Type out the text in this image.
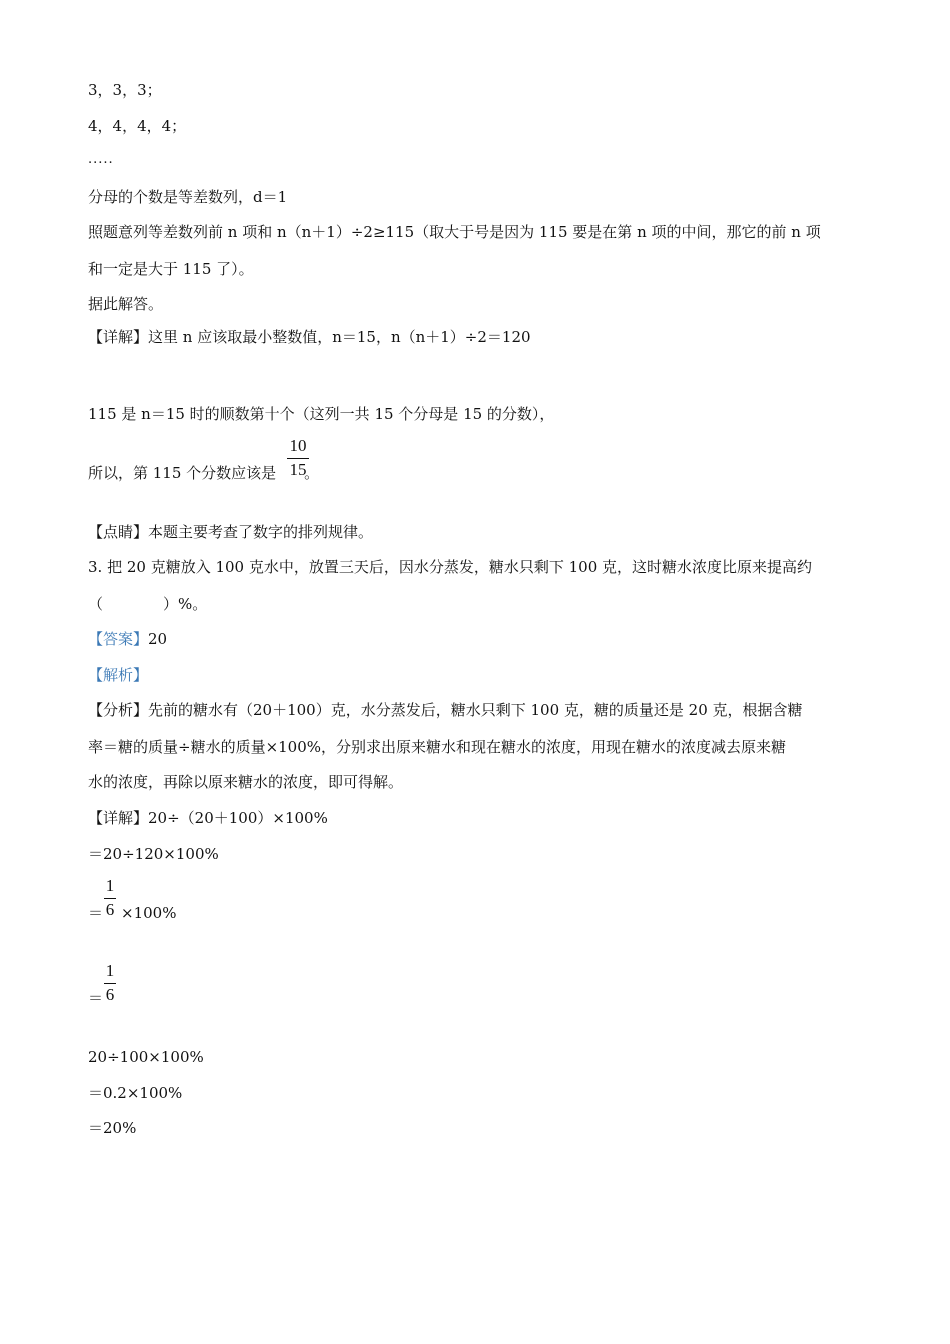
3，3，3；
4，4，4，4；
.....
分母的个数是等差数列，d＝1
照题意列等差数列前 n 项和 n（n＋1）÷2≥115（取大于号是因为 115 要是在第 n 项的中间，那它的前 n 项
和一定是大于 115 了）。
据此解答。
【详解】这里 n 应该取最小整数值，n＝15，n（n＋1）÷2＝120
115 是 n＝15 时的顺数第十个（这列一共 15 个分母是 15 的分数），
所以，第 115 个分数应该是 。
10
15
【点睛】本题主要考查了数字的排列规律。
3. 把 20 克糖放入 100 克水中，放置三天后，因水分蒸发，糖水只剩下 100 克，这时糖水浓度比原来提高约
（　　　　）%。
【答案】20
【解析】
【分析】先前的糖水有（20＋100）克，水分蒸发后，糖水只剩下 100 克，糖的质量还是 20 克，根据含糖
率＝糖的质量÷糖水的质量×100%，分别求出原来糖水和现在糖水的浓度，用现在糖水的浓度减去原来糖
水的浓度，再除以原来糖水的浓度，即可得解。
【详解】20÷（20＋100）×100%
＝20÷120×100%
＝ ×100%
1
6
＝
1
6
20÷100×100%
＝0.2×100%
＝20%
